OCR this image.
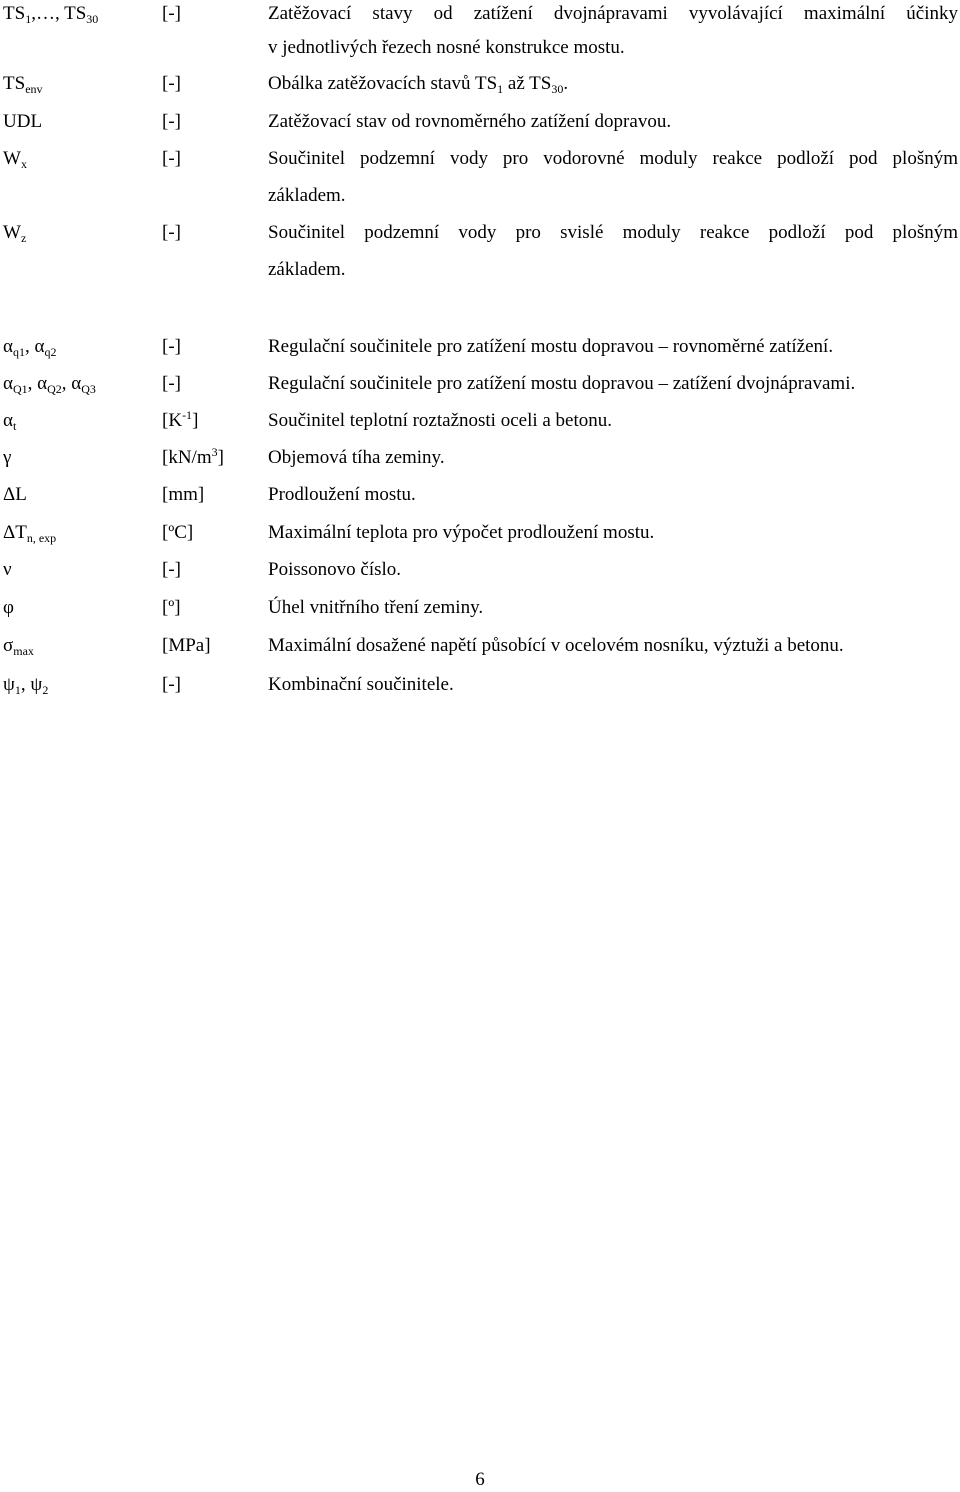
$TS_1,\dots$, $TS_{30}$	[-]	Zatěžovací stavy od zatížení dvojnápravami vyvolávající maximální účinky
v jednotlivých řezech nosné konstrukce mostu.
$TS_{env}$	[-]	Obálka zatěžovacích stavů $TS_1$ až $TS_{30}$.
UDL	[-]	Zatěžovací stav od rovnoměrného zatížení dopravou.
$W_x$	[-]	Součinitel podzemní vody pro vodorovné moduly reakce podloží pod plošným
základem.
$W_z$	[-]	Součinitel podzemní vody pro svislé moduly reakce podloží pod plošným
základem.
$\alpha_{q1}$, $\alpha_{q2}$	[-]	Regulační součinitele pro zatížení mostu dopravou – rovnoměrné zatížení.
$\alpha_{Q1}$, $\alpha_{Q2}$, $\alpha_{Q3}$	[-]	Regulační součinitele pro zatížení mostu dopravou – zatížení dvojnápravami.
$\alpha_t$	$[K^{-1}]$	Součinitel teplotní roztažnosti oceli a betonu.
γ	$[kN/m^3]$ Objemová tíha zeminy.
ΔL	[mm]	Prodloužení mostu.
$\Delta T_{n, exp}$	[ºC]	Maximální teplota pro výpočet prodloužení mostu.
ν	[-]	Poissonovo číslo.
φ	[º]	Úhel vnitřního tření zeminy.
$\sigma_{max}$	[MPa]	Maximální dosažené napětí působící v ocelovém nosníku, výztuži a betonu.
$\psi_1$, $\psi_2$	[-]	Kombinační součinitele.
6
